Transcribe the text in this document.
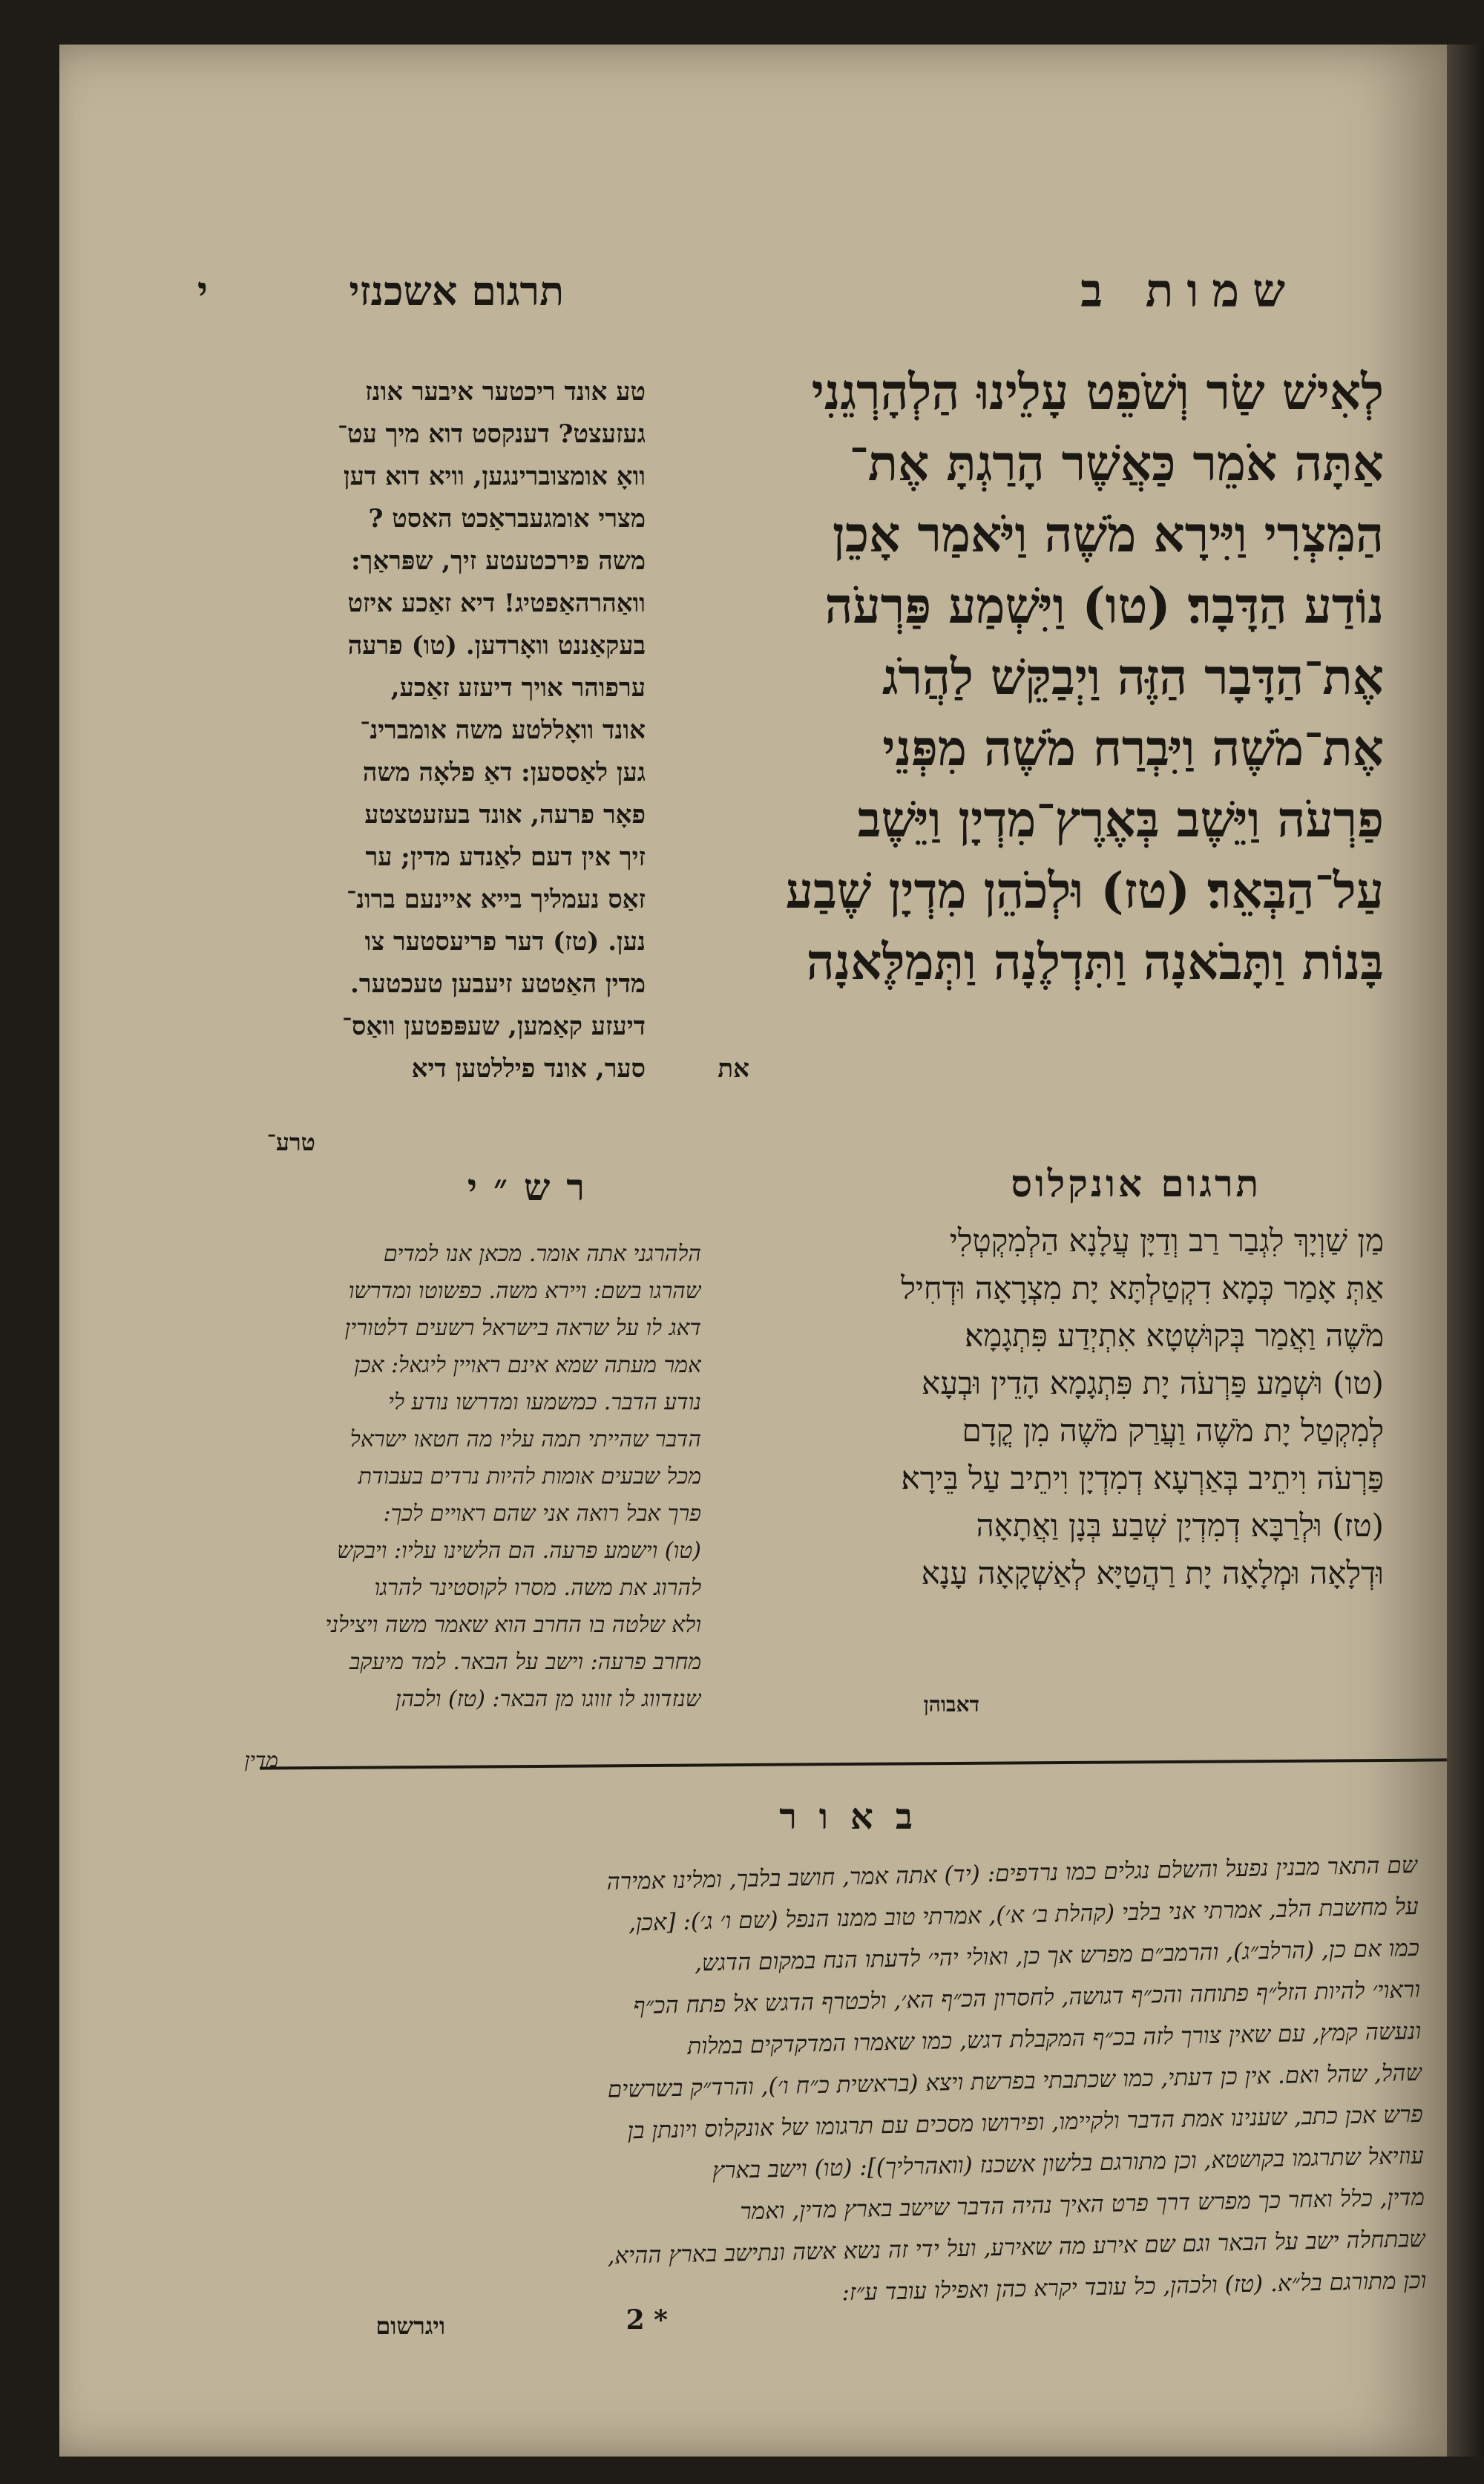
שמות ב
תרגום אשכנזי
י
לְאִישׁ שַׂר וְשֹׁפֵט עָלֵינוּ הַלְהָרְגֵנִי
אַתָּה אֹמֵר כַּאֲשֶׁר הָרַגְתָּ אֶת־
הַמִּצְרִי וַיִּירָא מֹשֶׁה וַיֹּאמַר אָכֵן
נוֹדַע הַדָּבָר׃ (טו) וַיִּשְׁמַע פַּרְעֹה
אֶת־הַדָּבָר הַזֶּה וַיְבַקֵּשׁ לַהֲרֹג
אֶת־מֹשֶׁה וַיִּבְרַח מֹשֶׁה מִפְּנֵי
פַרְעֹה וַיֵּשֶׁב בְּאֶרֶץ־מִדְיָן וַיֵּשֶׁב
עַל־הַבְּאֵר׃ (טז) וּלְכֹהֵן מִדְיָן שֶׁבַע
בָּנוֹת וַתָּבֹאנָה וַתִּדְלֶנָה וַתְּמַלֶּאנָה
את
טע אונד ריכטער איבער אונז
געזעצט? דענקסט דוא מיך עט־
וואָ אומצוברינגען, וויא דוא דען
מצרי אומגעבראַכט האסט ?
משה פירכטעטע זיך, שפּראַך:
וואַהרהאַפטיג! דיא זאַכע איזט
בעקאַננט וואָרדען. (טו) פרעה
ערפוהר אויך דיעזע זאַכע,
אונד וואָללטע משה אומברינ־
גען לאַססען: דאַ פלאָה משה
פאָר פרעה, אונד בעזעטצטע
זיך אין דעם לאַנדע מדין; ער
זאַס נעמליך בייא איינעם ברונ־
נען. (טז) דער פריעסטער צו
מדין האַטטע זיעבען טעכטער.
דיעזע קאַמען, שעפּפטען וואַס־
סער, אונד פיללטען דיא
טרע־
תרגום אונקלוס
רש״י
מַן שַׁוְיָךְ לִגְבַר רַב וְדַיָּן עֲלָנָא הַלְמִקְטְלִי
אַתְּ אָמַר כְּמָא דִקְטַלְתָּא יָת מִצְרָאָה וּדְחִיל
מֹשֶׁה וַאֲמַר בְּקוּשְׁטָא אִתְיְדַע פִּתְגָמָא׃
(טו) וּשְׁמַע פַּרְעֹה יָת פִּתְגָמָא הָדֵין וּבְעָא
לְמִקְטַל יָת מֹשֶׁה וַעֲרַק מֹשֶׁה מִן קֳדָם
פַּרְעֹה וִיתֵיב בְּאַרְעָא דְמִדְיָן וִיתֵיב עַל בֵּירָא׃
(טז) וּלְרַבָּא דְמִדְיָן שְׁבַע בְּנָן וַאֲתָאָה
וּדְלָאָה וּמְלָאָה יָת רַהֲטַיָּא לְאַשְׁקָאָה עָנָא
דאבוהן
הלהרגני אתה אומר. מכאן אנו למדים
שהרגו בשם: ויירא משה. כפשוטו ומדרשו
דאג לו על שראה בישראל רשעים דלטורין
אמר מעתה שמא אינם ראויין ליגאל: אכן
נודע הדבר. כמשמעו ומדרשו נודע לי
הדבר שהייתי תמה עליו מה חטאו ישראל
מכל שבעים אומות להיות נרדים בעבודת
פרך אבל רואה אני שהם ראויים לכך:
(טו) וישמע פרעה. הם הלשינו עליו: ויבקש
להרוג את משה. מסרו לקוסטינר להרגו
ולא שלטה בו החרב הוא שאמר משה ויצילני
מחרב פרעה: וישב על הבאר. למד מיעקב
שנזדווג לו זווגו מן הבאר: (טז) ולכהן
מדין
באור
שם התאר מבנין נפעל והשלם נגלים כמו נרדפים: (יד) אתה אמר, חושב בלבך, ומלינו אמירה
על מחשבת הלב, אמרתי אני בלבי (קהלת ב׳ א׳), אמרתי טוב ממנו הנפל (שם ו׳ ג׳): [אכן,
כמו אם כן, (הרלב״ג), והרמב״ם מפרש אך כן, ואולי יהי׳ לדעתו הנח במקום הדגש,
וראוי׳ להיות הזל״ף פתוחה והכ״ף דגושה, לחסרון הכ״ף הא׳, ולכטרף הדגש אל פתח הכ״ף
ונעשה קמץ, עם שאין צורך לזה בכ״ף המקבלת דגש, כמו שאמרו המדקדקים במלות
שהל, שהל ואם. אין כן דעתי, כמו שכתבתי בפרשת ויצא (בראשית כ״ח ו׳), והרד״ק בשרשים
פרש אכן כתב, שענינו אמת הדבר ולקיימו, ופירושו מסכים עם תרגומו של אונקלוס ויונתן בן
עוזיאל שתרגמו בקושטא, וכן מתורגם בלשון אשכנז (וואהרליך)]: (טו) וישב בארץ
מדין, כלל ואחר כך מפרש דרך פרט האיך נהיה הדבר שישב בארץ מדין, ואמר
שבתחלה ישב על הבאר וגם שם אירע מה שאירע, ועל ידי זה נשא אשה ונתישב בארץ ההיא,
וכן מתורגם בל״א. (טז) ולכהן, כל עובד יקרא כהן ואפילו עובד ע״ז:
ויגרשום	2 *
